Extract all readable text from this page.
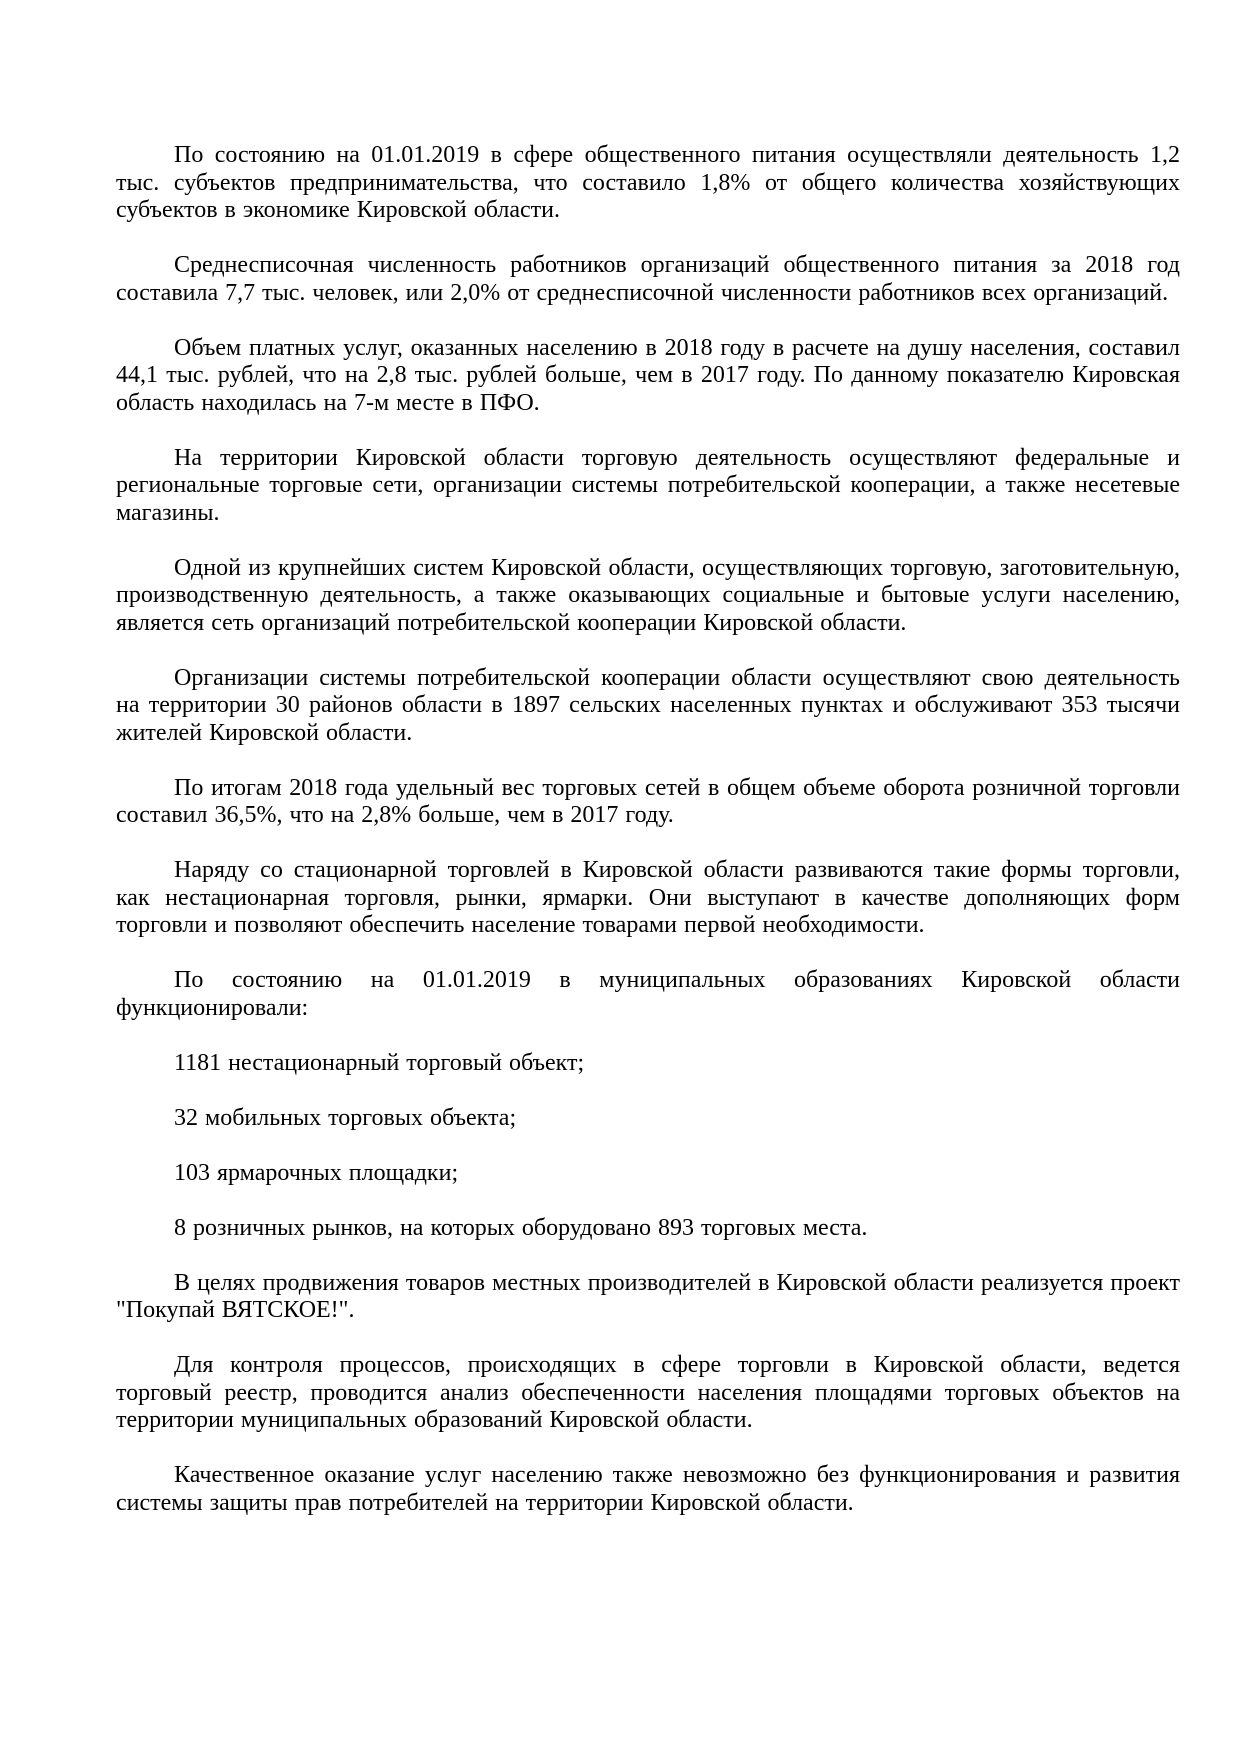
По состоянию на 01.01.2019 в сфере общественного питания осуществляли деятельность 1,2 тыс. субъектов предпринимательства, что составило 1,8% от общего количества хозяйствующих субъектов в экономике Кировской области.

Среднесписочная численность работников организаций общественного питания за 2018 год составила 7,7 тыс. человек, или 2,0% от среднесписочной численности работников всех организаций.

Объем платных услуг, оказанных населению в 2018 году в расчете на душу населения, составил 44,1 тыс. рублей, что на 2,8 тыс. рублей больше, чем в 2017 году. По данному показателю Кировская область находилась на 7-м месте в ПФО.

На территории Кировской области торговую деятельность осуществляют федеральные и региональные торговые сети, организации системы потребительской кооперации, а также несетевые магазины.

Одной из крупнейших систем Кировской области, осуществляющих торговую, заготовительную, производственную деятельность, а также оказывающих социальные и бытовые услуги населению, является сеть организаций потребительской кооперации Кировской области.

Организации системы потребительской кооперации области осуществляют свою деятельность на территории 30 районов области в 1897 сельских населенных пунктах и обслуживают 353 тысячи жителей Кировской области.

По итогам 2018 года удельный вес торговых сетей в общем объеме оборота розничной торговли составил 36,5%, что на 2,8% больше, чем в 2017 году.

Наряду со стационарной торговлей в Кировской области развиваются такие формы торговли, как нестационарная торговля, рынки, ярмарки. Они выступают в качестве дополняющих форм торговли и позволяют обеспечить население товарами первой необходимости.

По состоянию на 01.01.2019 в муниципальных образованиях Кировской области функционировали:

1181 нестационарный торговый объект;

32 мобильных торговых объекта;

103 ярмарочных площадки;

8 розничных рынков, на которых оборудовано 893 торговых места.

В целях продвижения товаров местных производителей в Кировской области реализуется проект "Покупай ВЯТСКОЕ!".

Для контроля процессов, происходящих в сфере торговли в Кировской области, ведется торговый реестр, проводится анализ обеспеченности населения площадями торговых объектов на территории муниципальных образований Кировской области.

Качественное оказание услуг населению также невозможно без функционирования и развития системы защиты прав потребителей на территории Кировской области.
